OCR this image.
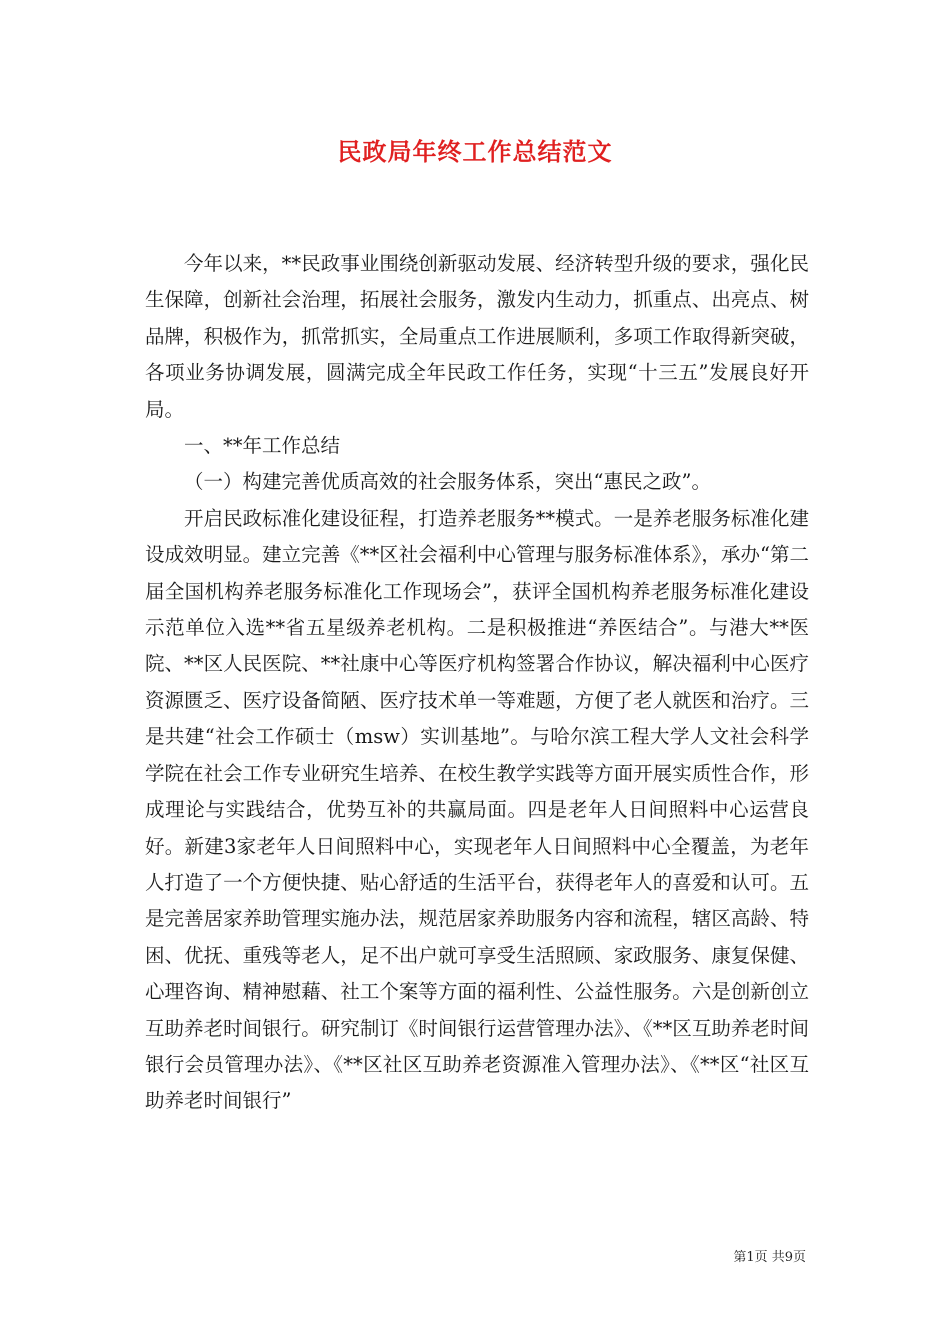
民政局年终工作总结范文

今年以来，**民政事业围绕创新驱动发展、经济转型升级的要求，强化民生保障，创新社会治理，拓展社会服务，激发内生动力，抓重点、出亮点、树品牌，积极作为，抓常抓实，全局重点工作进展顺利，多项工作取得新突破，各项业务协调发展，圆满完成全年民政工作任务，实现“十三五”发展良好开局。

一、**年工作总结

（一）构建完善优质高效的社会服务体系，突出“惠民之政”。

开启民政标准化建设征程，打造养老服务**模式。一是养老服务标准化建设成效明显。建立完善《**区社会福利中心管理与服务标准体系》，承办“第二届全国机构养老服务标准化工作现场会”，获评全国机构养老服务标准化建设示范单位入选**省五星级养老机构。二是积极推进“养医结合”。与港大**医院、**区人民医院、**社康中心等医疗机构签署合作协议，解决福利中心医疗资源匮乏、医疗设备简陋、医疗技术单一等难题，方便了老人就医和治疗。三是共建“社会工作硕士（msw）实训基地”。与哈尔滨工程大学人文社会科学学院在社会工作专业研究生培养、在校生教学实践等方面开展实质性合作，形成理论与实践结合，优势互补的共赢局面。四是老年人日间照料中心运营良好。新建3家老年人日间照料中心，实现老年人日间照料中心全覆盖，为老年人打造了一个方便快捷、贴心舒适的生活平台，获得老年人的喜爱和认可。五是完善居家养助管理实施办法，规范居家养助服务内容和流程，辖区高龄、特困、优抚、重残等老人，足不出户就可享受生活照顾、家政服务、康复保健、心理咨询、精神慰藉、社工个案等方面的福利性、公益性服务。六是创新创立互助养老时间银行。研究制订《时间银行运营管理办法》、《**区互助养老时间银行会员管理办法》、《**区社区互助养老资源准入管理办法》、《**区“社区互助养老时间银行”

第1页 共9页
